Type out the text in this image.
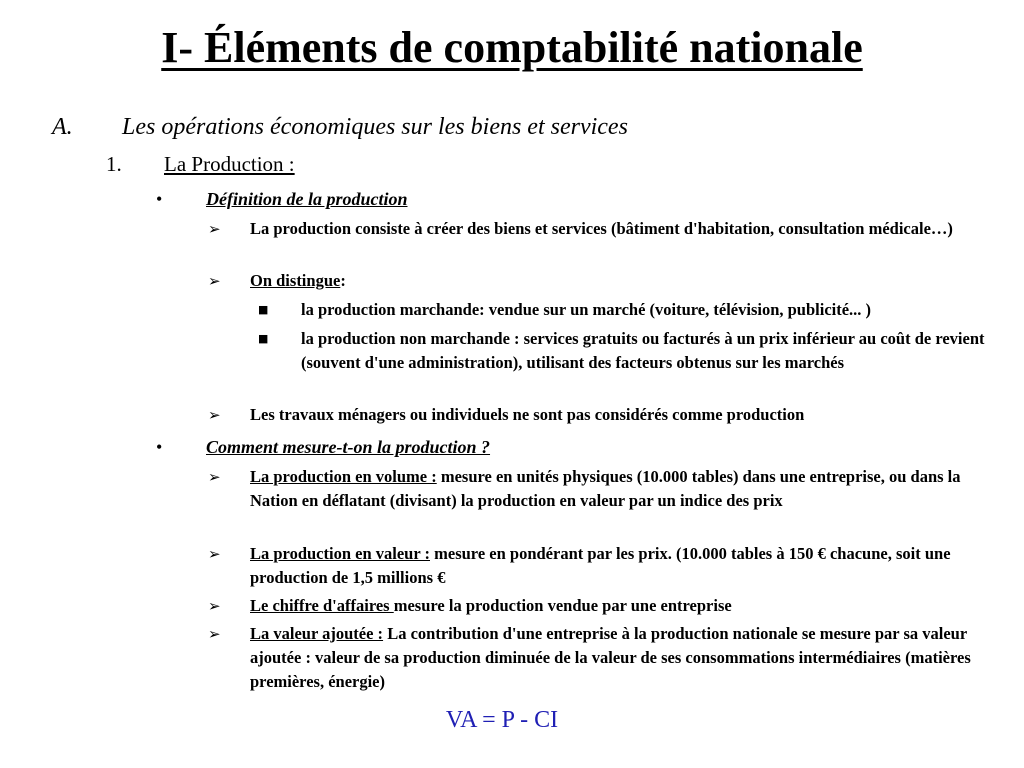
I- Éléments de comptabilité nationale
A. Les opérations économiques sur les biens et services
1. La Production :
• Définition de la production
➢ La production consiste à créer des biens et services (bâtiment d'habitation, consultation médicale…)
➢ On distingue:
■ la production marchande: vendue sur un marché (voiture, télévision, publicité... )
■ la production non marchande : services gratuits ou facturés à un prix inférieur au coût de revient (souvent d'une administration), utilisant des facteurs obtenus sur les marchés
➢ Les travaux ménagers ou individuels ne sont pas considérés comme production
• Comment mesure-t-on la production ?
➢ La production en volume : mesure en unités physiques (10.000 tables) dans une entreprise, ou dans la Nation en déflatant (divisant) la production en valeur par un indice des prix
➢ La production en valeur : mesure en pondérant par les prix. (10.000 tables à 150 € chacune, soit une production de 1,5 millions €
➢ Le chiffre d'affaires mesure la production vendue par une entreprise
➢ La valeur ajoutée : La contribution d'une entreprise à la production nationale se mesure par sa valeur ajoutée : valeur de sa production diminuée de la valeur de ses consommations intermédiaires (matières premières, énergie)
VA = P - CI
